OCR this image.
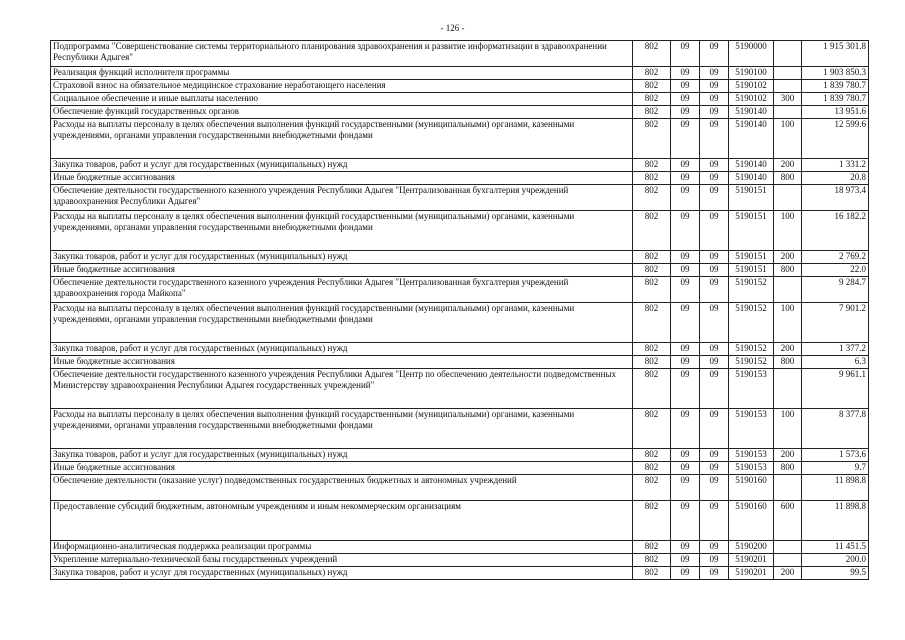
- 126 -
Подпрограмма "Совершенствование системы территориального планирования здравоохранения и развитие информатизации в здравоохранении Республики Адыгея"	802	09	09	5190000		1 915 301.8
Реализация функций исполнителя программы	802	09	09	5190100		1 903 850.3
Страховой взнос на обязательное медицинское страхование неработающего населения	802	09	09	5190102		1 839 780.7
Социальное обеспечение и иные выплаты населению	802	09	09	5190102	300	1 839 780.7
Обеспечение функций государственных органов	802	09	09	5190140		13 951.6
Расходы на выплаты персоналу в целях обеспечения выполнения функций государственными (муниципальными) органами, казенными учреждениями, органами управления государственными внебюджетными фондами	802	09	09	5190140	100	12 599.6
Закупка товаров, работ и услуг для государственных (муниципальных) нужд	802	09	09	5190140	200	1 331.2
Иные бюджетные ассигнования	802	09	09	5190140	800	20.8
Обеспечение деятельности государственного казенного учреждения Республики Адыгея "Централизованная бухгалтерия учреждений здравоохранения Республики Адыгея"	802	09	09	5190151		18 973.4
Расходы на выплаты персоналу в целях обеспечения выполнения функций государственными (муниципальными) органами, казенными учреждениями, органами управления государственными внебюджетными фондами	802	09	09	5190151	100	16 182.2
Закупка товаров, работ и услуг для государственных (муниципальных) нужд	802	09	09	5190151	200	2 769.2
Иные бюджетные ассигнования	802	09	09	5190151	800	22.0
Обеспечение деятельности государственного казенного учреждения Республики Адыгея "Централизованная бухгалтерия учреждений здравоохранения города Майкопа"	802	09	09	5190152		9 284.7
Расходы на выплаты персоналу в целях обеспечения выполнения функций государственными (муниципальными) органами, казенными учреждениями, органами управления государственными внебюджетными фондами	802	09	09	5190152	100	7 901.2
Закупка товаров, работ и услуг для государственных (муниципальных) нужд	802	09	09	5190152	200	1 377.2
Иные бюджетные ассигнования	802	09	09	5190152	800	6.3
Обеспечение деятельности государственного казенного учреждения Республики Адыгея "Центр по обеспечению деятельности подведомственных Министерству здравоохранения Республики Адыгея государственных учреждений"	802	09	09	5190153		9 961.1
Расходы на выплаты персоналу в целях обеспечения выполнения функций государственными (муниципальными) органами, казенными учреждениями, органами управления государственными внебюджетными фондами	802	09	09	5190153	100	8 377.8
Закупка товаров, работ и услуг для государственных (муниципальных) нужд	802	09	09	5190153	200	1 573.6
Иные бюджетные ассигнования	802	09	09	5190153	800	9.7
Обеспечение деятельности (оказание услуг) подведомственных государственных бюджетных и автономных учреждений	802	09	09	5190160		11 898.8
Предоставление субсидий бюджетным, автономным учреждениям и иным некоммерческим организациям	802	09	09	5190160	600	11 898.8
Информационно-аналитическая поддержка реализации программы	802	09	09	5190200		11 451.5
Укрепление материально-технической базы государственных учреждений	802	09	09	5190201		200.0
Закупка товаров, работ и услуг для государственных (муниципальных) нужд	802	09	09	5190201	200	99.5
